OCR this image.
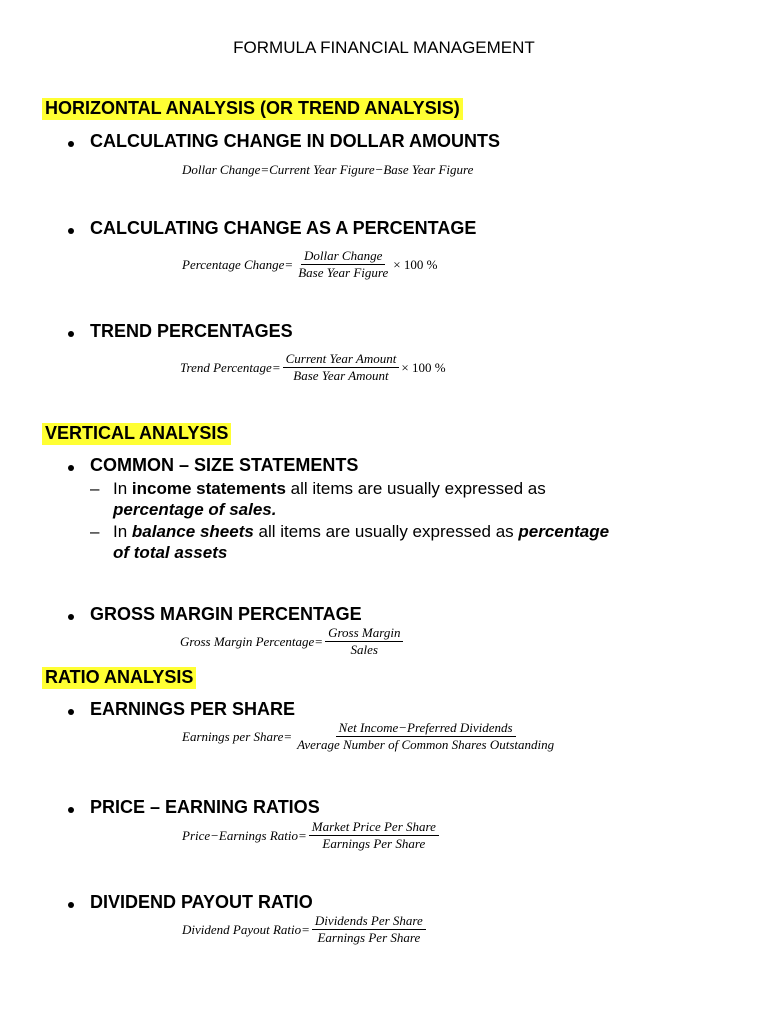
FORMULA FINANCIAL MANAGEMENT
HORIZONTAL ANALYSIS (OR TREND ANALYSIS)
CALCULATING CHANGE IN DOLLAR AMOUNTS
Dollar Change=Current Year Figure−Base Year Figure
CALCULATING CHANGE AS A PERCENTAGE
Percentage Change= $\frac{\text{Dollar Change}}{\text{Base Year Figure}} \times 100$ %
TREND PERCENTAGES
Trend Percentage= $\frac{\text{Current Year Amount}}{\text{Base Year Amount}} \times 100$ %
VERTICAL ANALYSIS
COMMON – SIZE STATEMENTS
– In income statements all items are usually expressed as
percentage of sales.
– In balance sheets all items are usually expressed as percentage
of total assets
GROSS MARGIN PERCENTAGE
Gross Margin Percentage= $\frac{\text{Gross Margin}}{\text{Sales}}$
RATIO ANALYSIS
EARNINGS PER SHARE
Earnings per Share= $\frac{\text{Net Income−Preferred Dividends}}{\text{Average Number of Common Shares Outstanding}}$
PRICE – EARNING RATIOS
Price−Earnings Ratio= $\frac{\text{Market Price Per Share}}{\text{Earnings Per Share}}$
DIVIDEND PAYOUT RATIO
Dividend Payout Ratio= $\frac{\text{Dividends Per Share}}{\text{Earnings Per Share}}$
